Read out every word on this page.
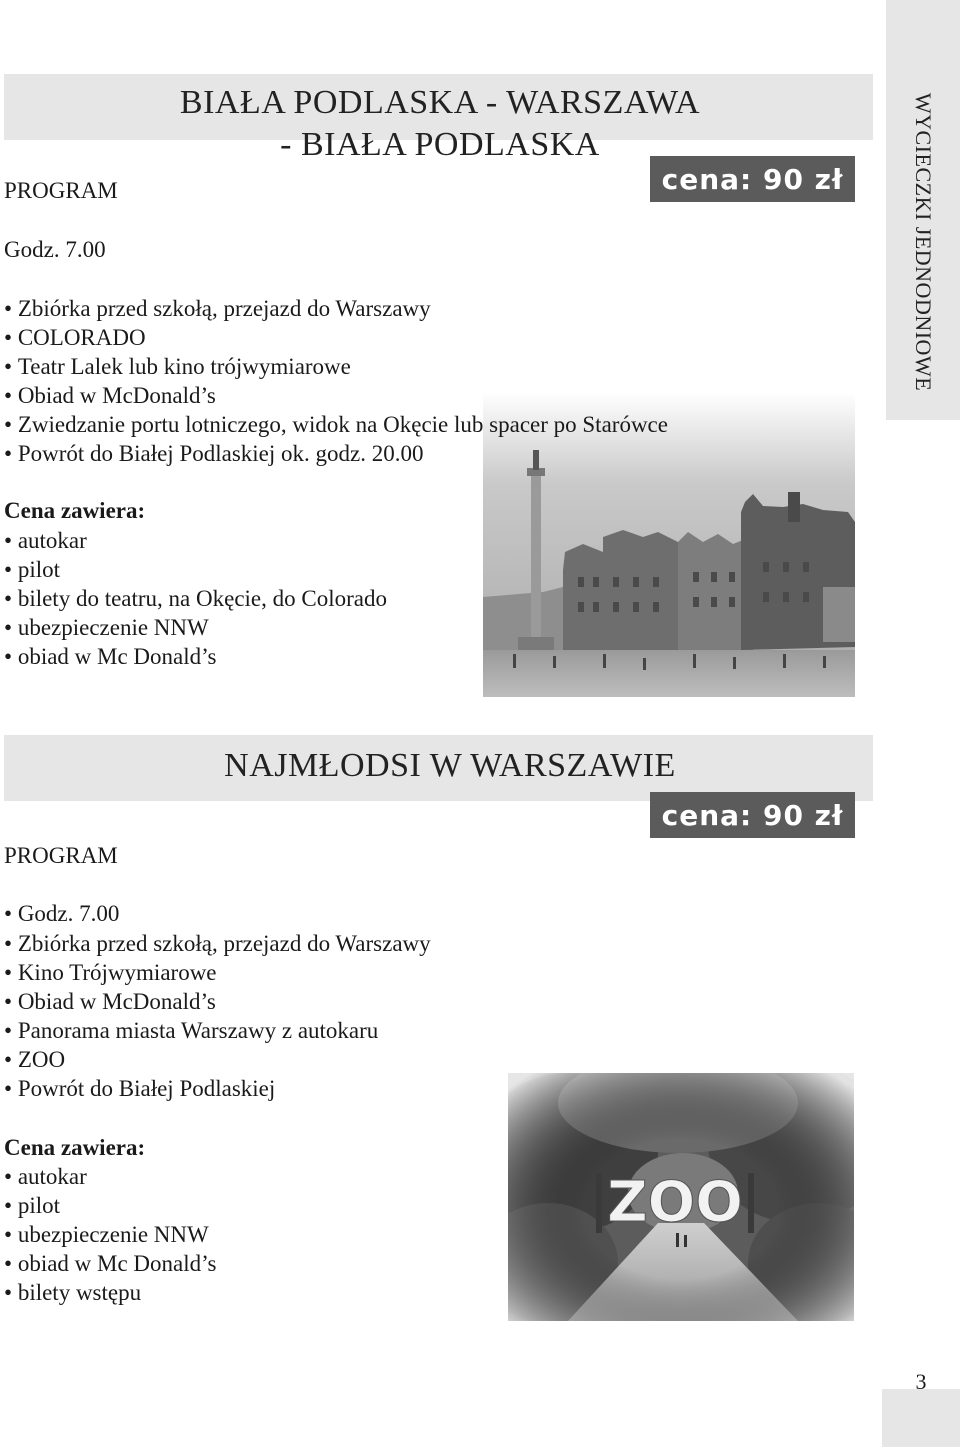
WYCIECZKI JEDNODNIOWE
BIAŁA PODLASKA - WARSZAWA
- BIAŁA PODLASKA
cena: 90 zł
PROGRAM
Godz. 7.00
• Zbiórka przed szkołą, przejazd do Warszawy
• COLORADO
• Teatr Lalek lub kino trójwymiarowe
• Obiad w McDonald’s
• Zwiedzanie portu lotniczego, widok na Okęcie lub spacer po Starówce
• Powrót do Białej Podlaskiej ok. godz. 20.00
Cena zawiera:
• autokar
• pilot
• bilety do teatru, na Okęcie, do Colorado
• ubezpieczenie NNW
• obiad w Mc Donald’s
NAJMŁODSI W WARSZAWIE
cena: 90 zł
PROGRAM
• Godz. 7.00
• Zbiórka przed szkołą, przejazd do Warszawy
• Kino Trójwymiarowe
• Obiad w McDonald’s
• Panorama miasta Warszawy z autokaru
• ZOO
• Powrót do Białej Podlaskiej
Cena zawiera:
• autokar
• pilot
• ubezpieczenie NNW
• obiad w Mc Donald’s
• bilety wstępu
3
